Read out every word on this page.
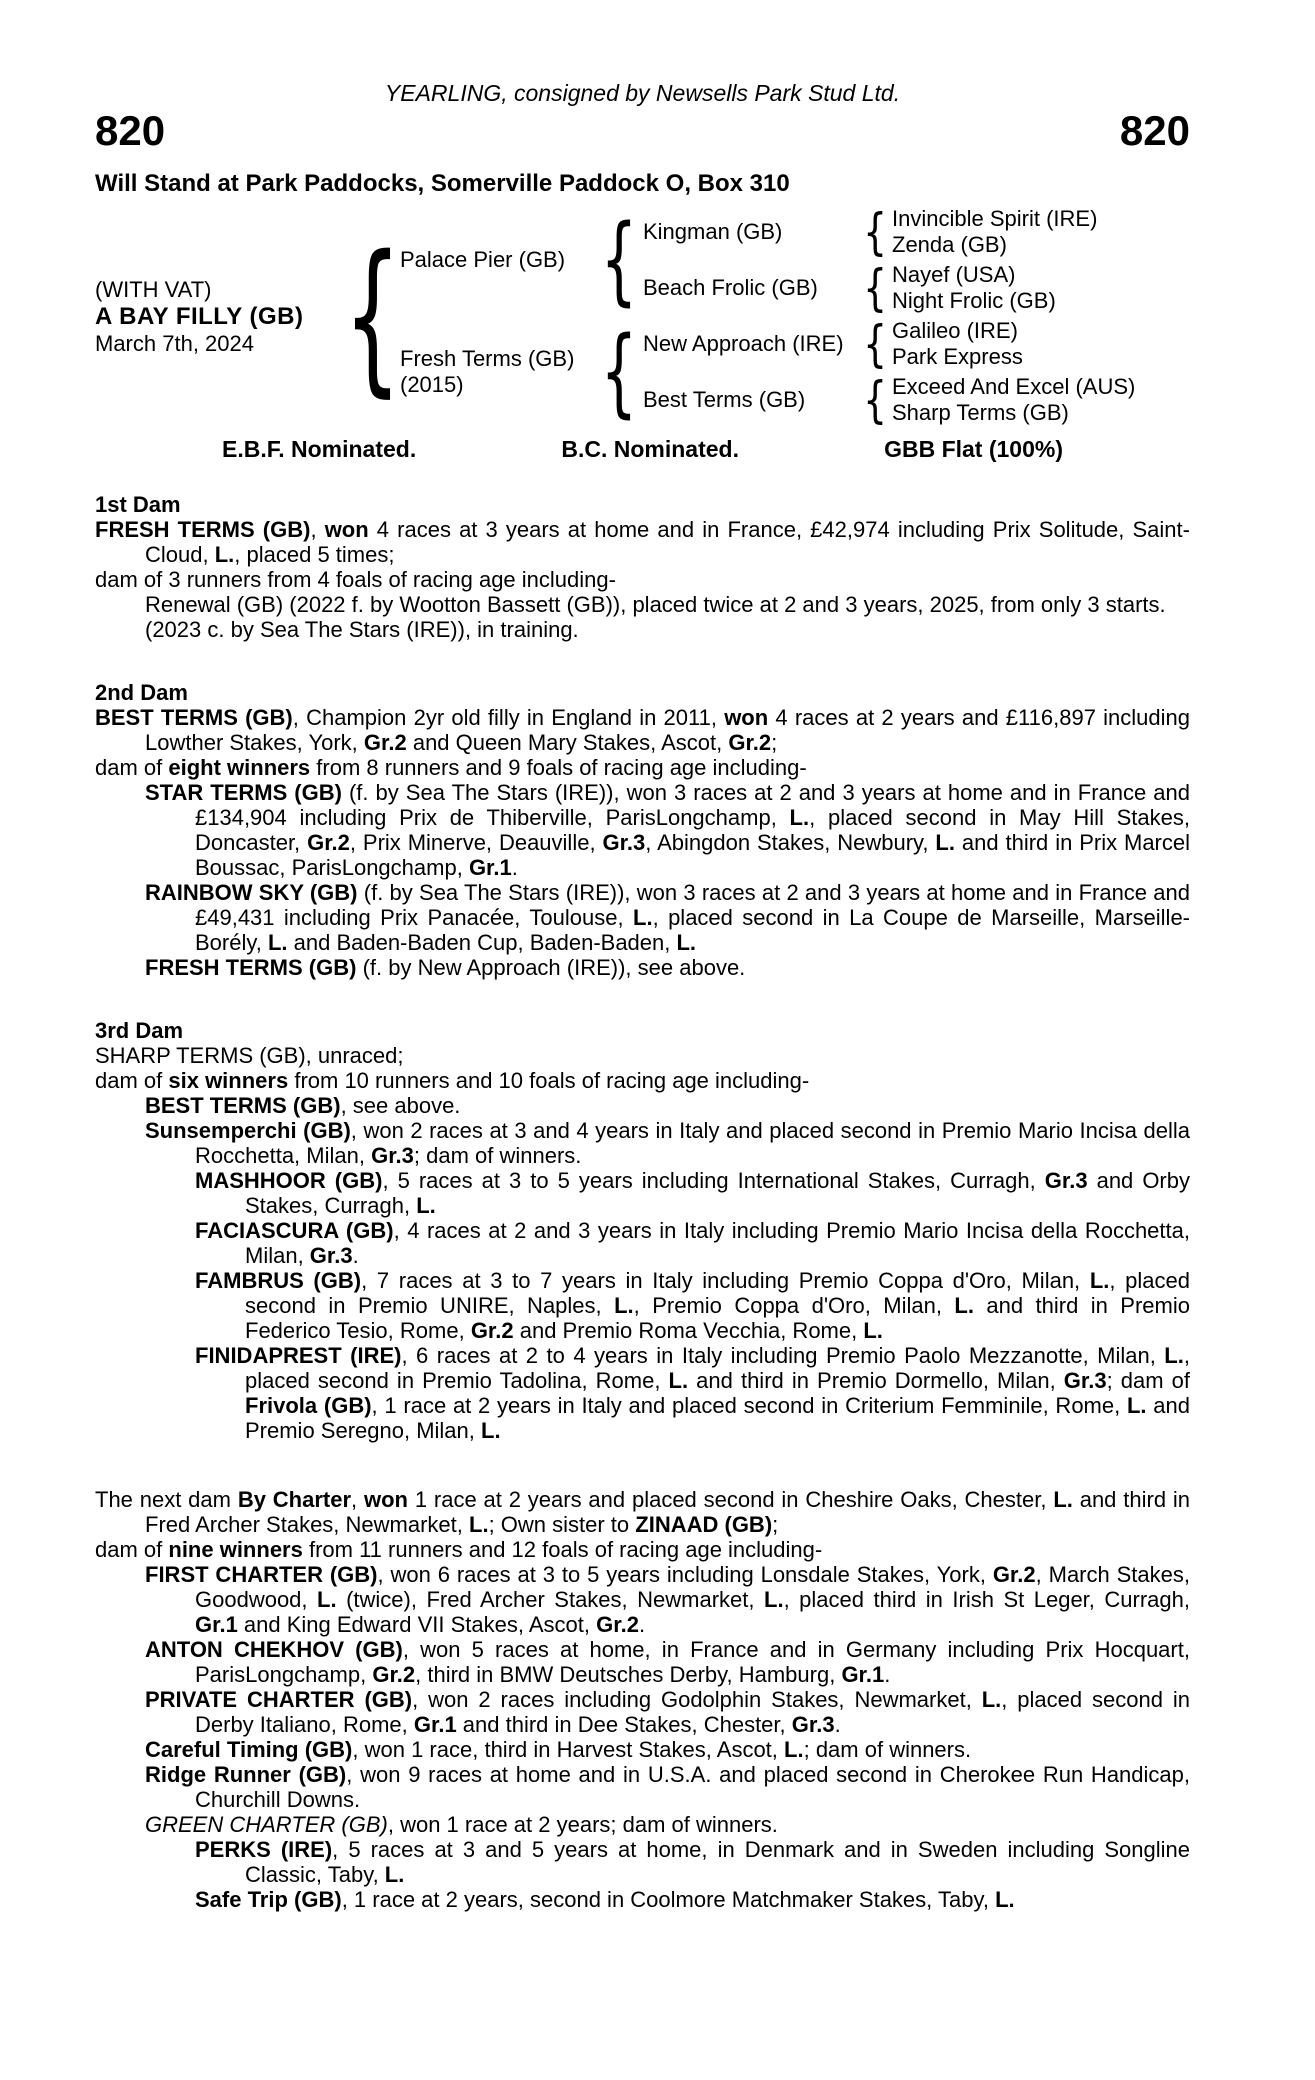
YEARLING, consigned by Newsells Park Stud Ltd.
820	820
Will Stand at Park Paddocks, Somerville Paddock O, Box 310
(WITH VAT)
A BAY FILLY (GB)
March 7th, 2024 {
Palace Pier (GB) { Kingman (GB)	{ Invincible Spirit (IRE)
Zenda (GB)
Beach Frolic (GB) { Nayef (USA)
Night Frolic (GB)
Fresh Terms (GB)
(2015)	{ New Approach (IRE) { Galileo (IRE)
Park Express
Best Terms (GB)	{ Exceed And Excel (AUS)
Sharp Terms (GB)
E.B.F. Nominated.	B.C. Nominated.	GBB Flat (100%)
1st Dam

FRESH TERMS (GB), won 4 races at 3 years at home and in France, £42,974 including Prix Solitude, Saint-Cloud, L., placed 5 times;

dam of 3 runners from 4 foals of racing age including-

Renewal (GB) (2022 f. by Wootton Bassett (GB)), placed twice at 2 and 3 years, 2025, from only 3 starts.

(2023 c. by Sea The Stars (IRE)), in training.

2nd Dam

BEST TERMS (GB), Champion 2yr old filly in England in 2011, won 4 races at 2 years and £116,897 including Lowther Stakes, York, Gr.2 and Queen Mary Stakes, Ascot, Gr.2;

dam of eight winners from 8 runners and 9 foals of racing age including-

STAR TERMS (GB) (f. by Sea The Stars (IRE)), won 3 races at 2 and 3 years at home and in France and £134,904 including Prix de Thiberville, ParisLongchamp, L., placed second in May Hill Stakes, Doncaster, Gr.2, Prix Minerve, Deauville, Gr.3, Abingdon Stakes, Newbury, L. and third in Prix Marcel Boussac, ParisLongchamp, Gr.1.

RAINBOW SKY (GB) (f. by Sea The Stars (IRE)), won 3 races at 2 and 3 years at home and in France and £49,431 including Prix Panacée, Toulouse, L., placed second in La Coupe de Marseille, Marseille-Borély, L. and Baden-Baden Cup, Baden-Baden, L.

FRESH TERMS (GB) (f. by New Approach (IRE)), see above.

3rd Dam

SHARP TERMS (GB), unraced;

dam of six winners from 10 runners and 10 foals of racing age including-

BEST TERMS (GB), see above.

Sunsemperchi (GB), won 2 races at 3 and 4 years in Italy and placed second in Premio Mario Incisa della Rocchetta, Milan, Gr.3; dam of winners.

MASHHOOR (GB), 5 races at 3 to 5 years including International Stakes, Curragh, Gr.3 and Orby Stakes, Curragh, L.

FACIASCURA (GB), 4 races at 2 and 3 years in Italy including Premio Mario Incisa della Rocchetta, Milan, Gr.3.

FAMBRUS (GB), 7 races at 3 to 7 years in Italy including Premio Coppa d'Oro, Milan, L., placed second in Premio UNIRE, Naples, L., Premio Coppa d'Oro, Milan, L. and third in Premio Federico Tesio, Rome, Gr.2 and Premio Roma Vecchia, Rome, L.

FINIDAPREST (IRE), 6 races at 2 to 4 years in Italy including Premio Paolo Mezzanotte, Milan, L., placed second in Premio Tadolina, Rome, L. and third in Premio Dormello, Milan, Gr.3; dam of Frivola (GB), 1 race at 2 years in Italy and placed second in Criterium Femminile, Rome, L. and Premio Seregno, Milan, L.

The next dam By Charter, won 1 race at 2 years and placed second in Cheshire Oaks, Chester, L. and third in Fred Archer Stakes, Newmarket, L.; Own sister to ZINAAD (GB);

dam of nine winners from 11 runners and 12 foals of racing age including-

FIRST CHARTER (GB), won 6 races at 3 to 5 years including Lonsdale Stakes, York, Gr.2, March Stakes, Goodwood, L. (twice), Fred Archer Stakes, Newmarket, L., placed third in Irish St Leger, Curragh, Gr.1 and King Edward VII Stakes, Ascot, Gr.2.

ANTON CHEKHOV (GB), won 5 races at home, in France and in Germany including Prix Hocquart, ParisLongchamp, Gr.2, third in BMW Deutsches Derby, Hamburg, Gr.1.

PRIVATE CHARTER (GB), won 2 races including Godolphin Stakes, Newmarket, L., placed second in Derby Italiano, Rome, Gr.1 and third in Dee Stakes, Chester, Gr.3.

Careful Timing (GB), won 1 race, third in Harvest Stakes, Ascot, L.; dam of winners.

Ridge Runner (GB), won 9 races at home and in U.S.A. and placed second in Cherokee Run Handicap, Churchill Downs.

GREEN CHARTER (GB), won 1 race at 2 years; dam of winners.

PERKS (IRE), 5 races at 3 and 5 years at home, in Denmark and in Sweden including Songline Classic, Taby, L.

Safe Trip (GB), 1 race at 2 years, second in Coolmore Matchmaker Stakes, Taby, L.
